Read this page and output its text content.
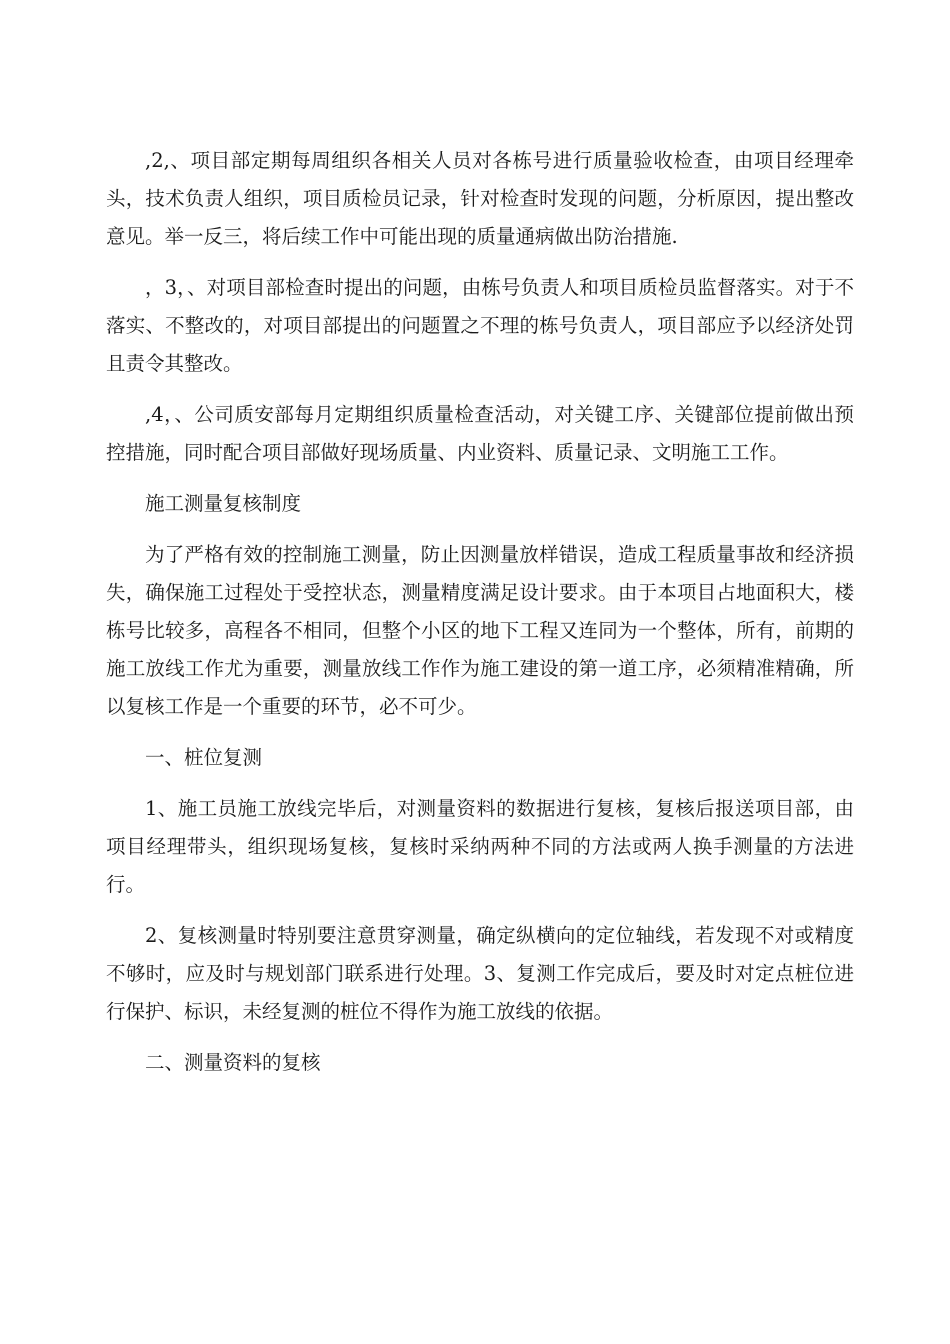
,2,、项目部定期每周组织各相关人员对各栋号进行质量验收检查，由项目经理牵头，技术负责人组织，项目质检员记录，针对检查时发现的问题，分析原因，提出整改意见。举一反三，将后续工作中可能出现的质量通病做出防治措施.

，3，、对项目部检查时提出的问题，由栋号负责人和项目质检员监督落实。对于不落实、不整改的，对项目部提出的问题置之不理的栋号负责人，项目部应予以经济处罚且责令其整改。

,4，、公司质安部每月定期组织质量检查活动，对关键工序、关键部位提前做出预控措施，同时配合项目部做好现场质量、内业资料、质量记录、文明施工工作。

施工测量复核制度

为了严格有效的控制施工测量，防止因测量放样错误，造成工程质量事故和经济损失，确保施工过程处于受控状态，测量精度满足设计要求。由于本项目占地面积大，楼栋号比较多，高程各不相同，但整个小区的地下工程又连同为一个整体，所有，前期的施工放线工作尤为重要，测量放线工作作为施工建设的第一道工序，必须精准精确，所以复核工作是一个重要的环节，必不可少。

一、桩位复测

1、施工员施工放线完毕后，对测量资料的数据进行复核，复核后报送项目部，由项目经理带头，组织现场复核，复核时采纳两种不同的方法或两人换手测量的方法进行。

2、复核测量时特别要注意贯穿测量，确定纵横向的定位轴线，若发现不对或精度不够时，应及时与规划部门联系进行处理。3、复测工作完成后，要及时对定点桩位进行保护、标识，未经复测的桩位不得作为施工放线的依据。

二、测量资料的复核
